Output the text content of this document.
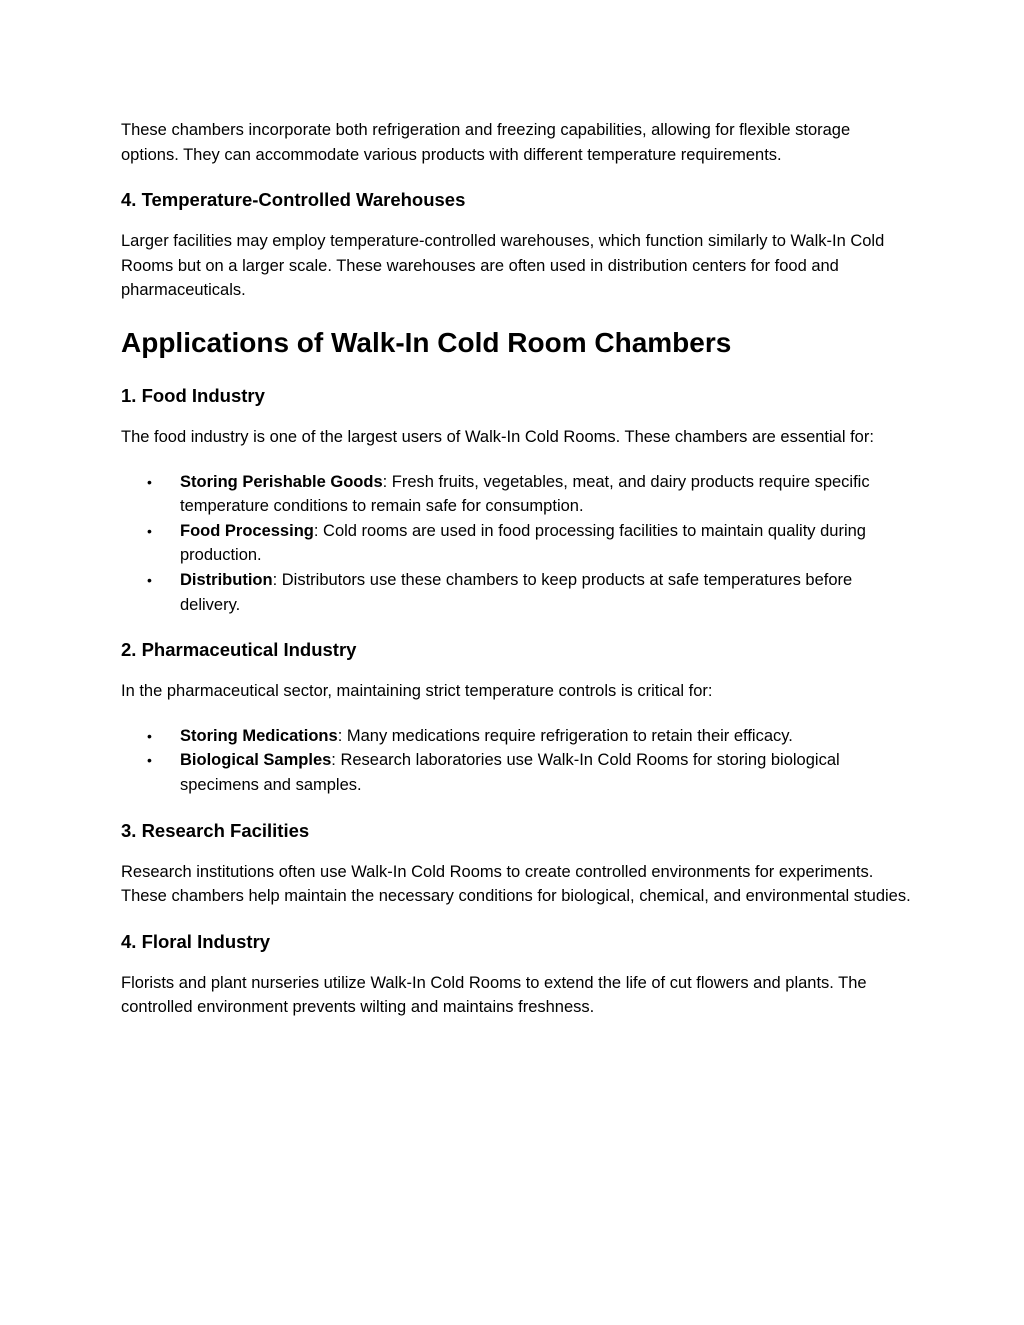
These chambers incorporate both refrigeration and freezing capabilities, allowing for flexible storage options. They can accommodate various products with different temperature requirements.

4. Temperature-Controlled Warehouses

Larger facilities may employ temperature-controlled warehouses, which function similarly to Walk-In Cold Rooms but on a larger scale. These warehouses are often used in distribution centers for food and pharmaceuticals.

Applications of Walk-In Cold Room Chambers
1. Food Industry

The food industry is one of the largest users of Walk-In Cold Rooms. These chambers are essential for:

• Storing Perishable Goods: Fresh fruits, vegetables, meat, and dairy products require specific temperature conditions to remain safe for consumption.
• Food Processing: Cold rooms are used in food processing facilities to maintain quality during production.
• Distribution: Distributors use these chambers to keep products at safe temperatures before delivery.
2. Pharmaceutical Industry

In the pharmaceutical sector, maintaining strict temperature controls is critical for:

• Storing Medications: Many medications require refrigeration to retain their efficacy.
• Biological Samples: Research laboratories use Walk-In Cold Rooms for storing biological specimens and samples.
3. Research Facilities

Research institutions often use Walk-In Cold Rooms to create controlled environments for experiments. These chambers help maintain the necessary conditions for biological, chemical, and environmental studies.

4. Floral Industry

Florists and plant nurseries utilize Walk-In Cold Rooms to extend the life of cut flowers and plants. The controlled environment prevents wilting and maintains freshness.
